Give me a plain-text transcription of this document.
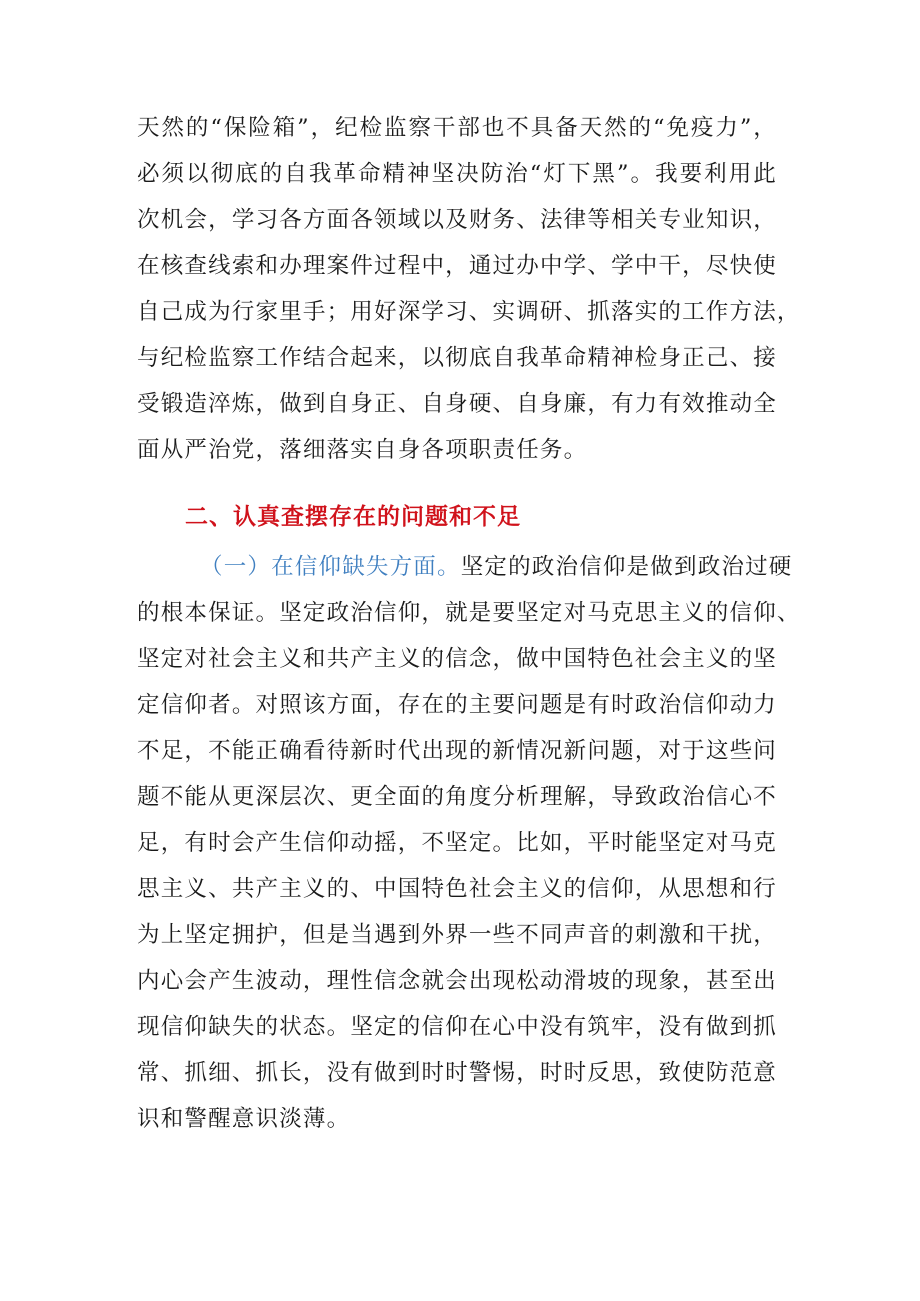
天然的“保险箱”，纪检监察干部也不具备天然的“免疫力”，
必须以彻底的自我革命精神坚决防治“灯下黑”。我要利用此
次机会，学习各方面各领域以及财务、法律等相关专业知识，
在核查线索和办理案件过程中，通过办中学、学中干，尽快使
自己成为行家里手；用好深学习、实调研、抓落实的工作方法，
与纪检监察工作结合起来，以彻底自我革命精神检身正己、接
受锻造淬炼，做到自身正、自身硬、自身廉，有力有效推动全
面从严治党，落细落实自身各项职责任务。
二、认真查摆存在的问题和不足
（一）在信仰缺失方面。坚定的政治信仰是做到政治过硬
的根本保证。坚定政治信仰，就是要坚定对马克思主义的信仰、
坚定对社会主义和共产主义的信念，做中国特色社会主义的坚
定信仰者。对照该方面，存在的主要问题是有时政治信仰动力
不足，不能正确看待新时代出现的新情况新问题，对于这些问
题不能从更深层次、更全面的角度分析理解，导致政治信心不
足，有时会产生信仰动摇，不坚定。比如，平时能坚定对马克
思主义、共产主义的、中国特色社会主义的信仰，从思想和行
为上坚定拥护，但是当遇到外界一些不同声音的刺激和干扰，
内心会产生波动，理性信念就会出现松动滑坡的现象，甚至出
现信仰缺失的状态。坚定的信仰在心中没有筑牢，没有做到抓
常、抓细、抓长，没有做到时时警惕，时时反思，致使防范意
识和警醒意识淡薄。
